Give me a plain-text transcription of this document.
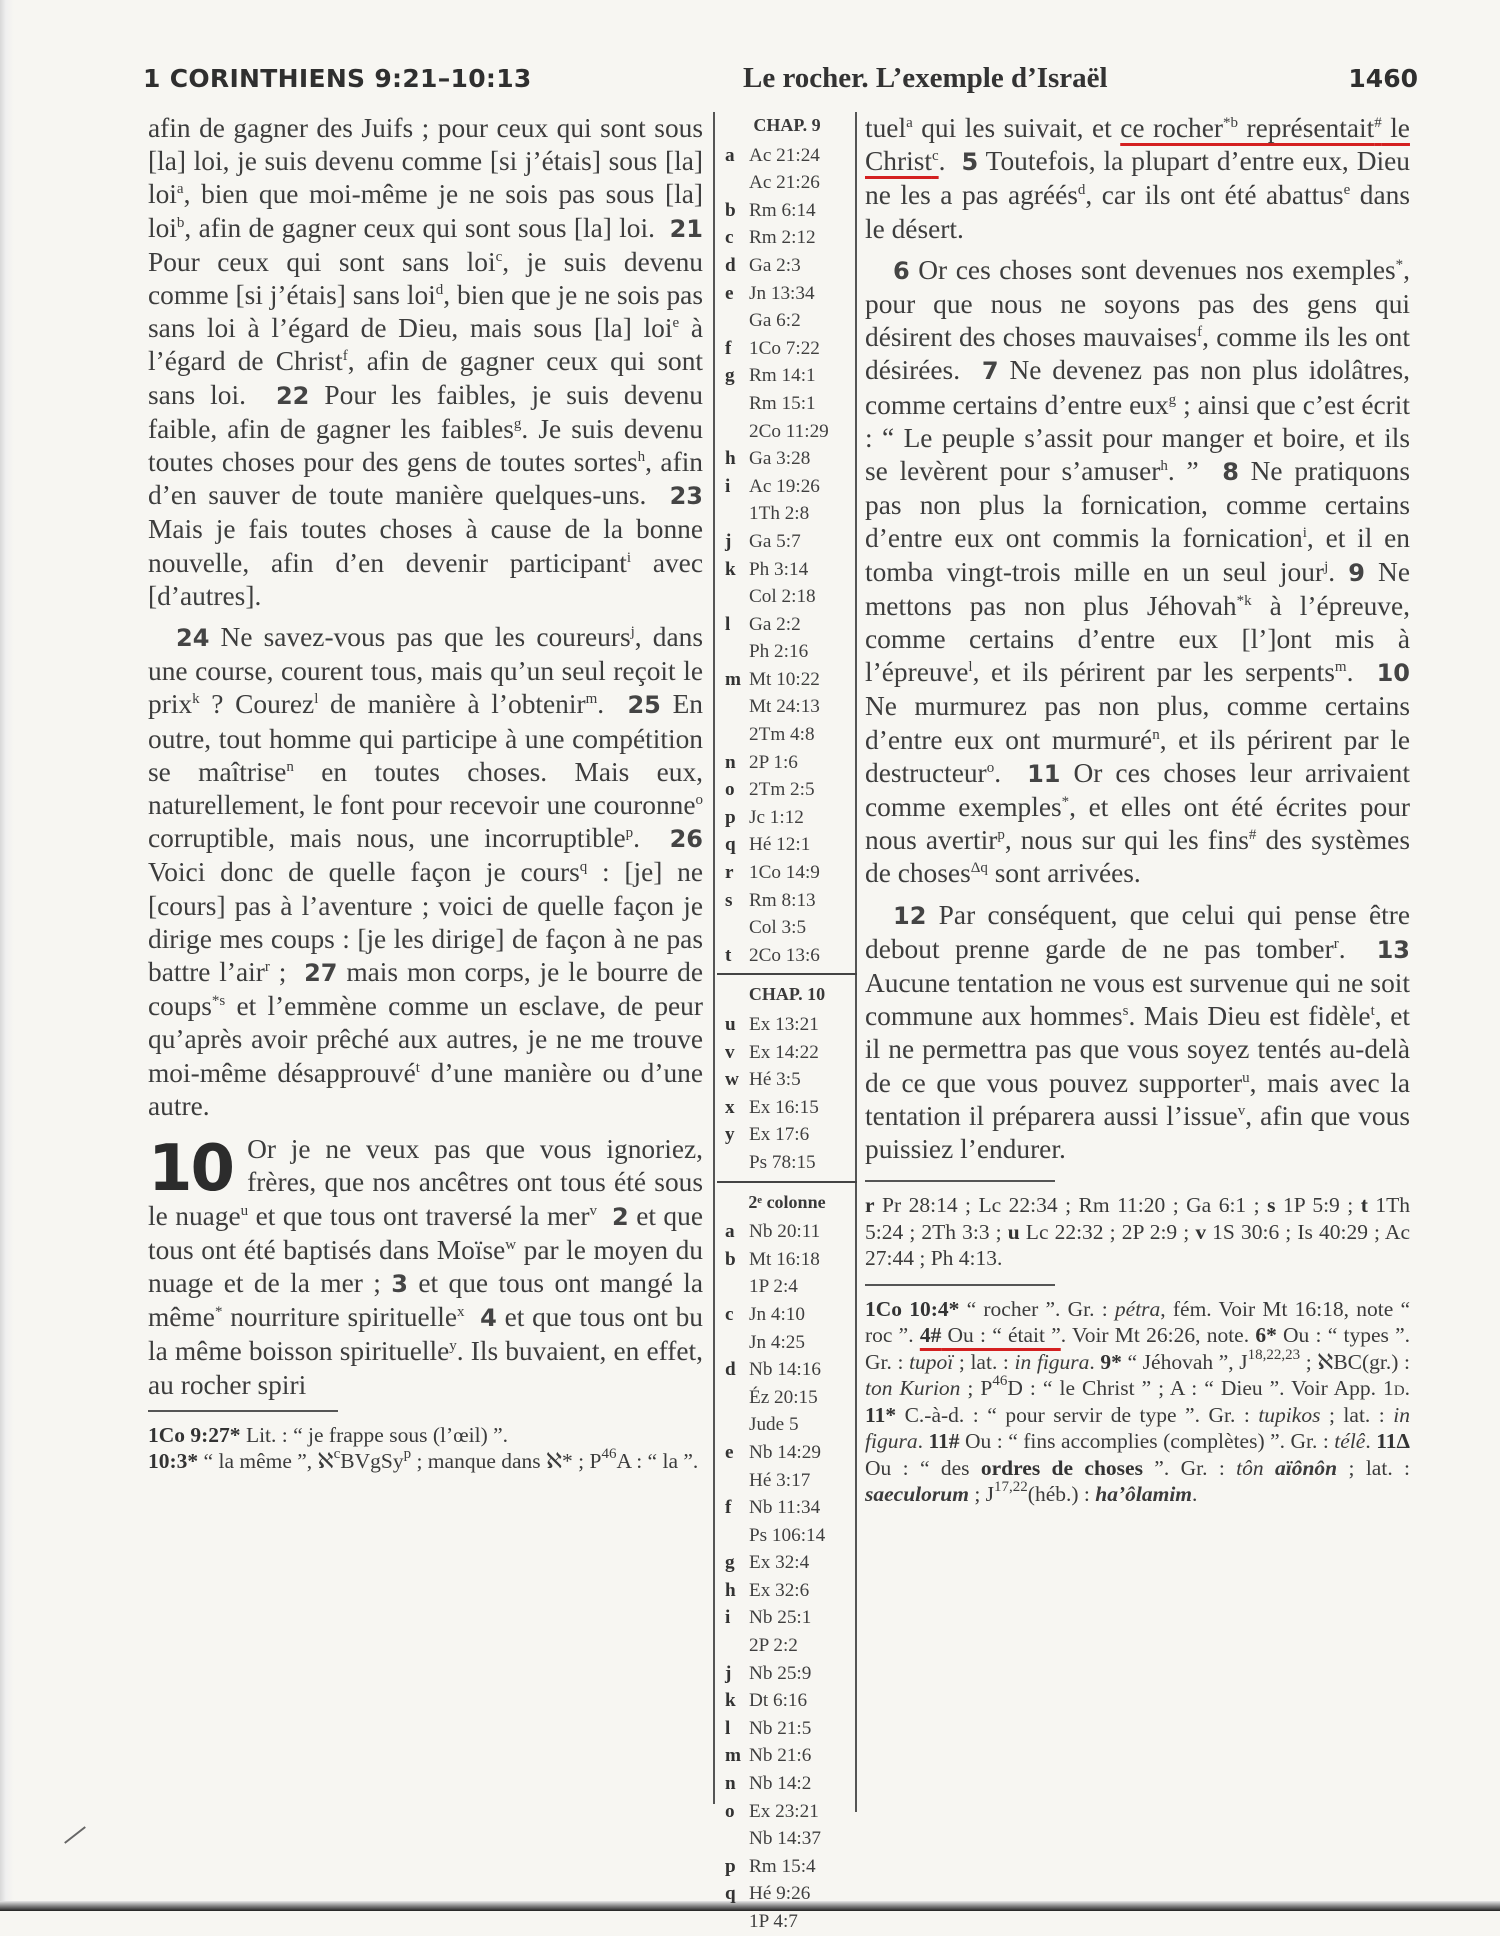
1 CORINTHIENS 9:21–10:13	Le rocher. L’exemple d’Israël	1460

afin de gagner des Juifs ; pour ceux qui sont sous [la] loi, je suis devenu comme [si j’étais] sous [la] loi$^a$, bien que moi-même je ne sois pas sous [la] loi$^b$, afin de gagner ceux qui sont sous [la] loi. 21 Pour ceux qui sont sans loi$^c$, je suis devenu comme [si j’étais] sans loi$^d$, bien que je ne sois pas sans loi à l’égard de Dieu, mais sous [la] loi$^e$ à l’égard de Christ$^f$, afin de gagner ceux qui sont sans loi. 22 Pour les faibles, je suis devenu faible, afin de gagner les faibles$^g$. Je suis devenu toutes choses pour des gens de toutes sortes$^h$, afin d’en sauver de toute manière quelques-uns. 23 Mais je fais toutes choses à cause de la bonne nouvelle, afin d’en devenir participant$^i$ avec [d’autres].

24 Ne savez-vous pas que les coureurs$^j$, dans une course, courent tous, mais qu’un seul reçoit le prix$^k$ ? Courez$^l$ de manière à l’obtenir$^m$. 25 En outre, tout homme qui participe à une compétition se maîtrise$^n$ en toutes choses. Mais eux, naturellement, le font pour recevoir une couronne$^o$ corruptible, mais nous, une incorruptible$^p$. 26 Voici donc de quelle façon je cours$^q$ : [je] ne [cours] pas à l’aventure ; voici de quelle façon je dirige mes coups : [je les dirige] de façon à ne pas battre l’air$^r$ ; 27 mais mon corps, je le bourre de coups$^{*s}$ et l’emmène comme un esclave, de peur qu’après avoir prêché aux autres, je ne me trouve moi-même désapprouvé$^t$ d’une manière ou d’une autre.

10 Or je ne veux pas que vous ignoriez, frères, que nos ancêtres ont tous été sous le nuage$^u$ et que tous ont traversé la mer$^v$ 2 et que tous ont été baptisés dans Moïse$^w$ par le moyen du nuage et de la mer ; 3 et que tous ont mangé la même* nourriture spirituelle$^x$ 4 et que tous ont bu la même boisson spirituelle$^y$. Ils buvaient, en effet, au rocher spiri

1Co 9:27* Lit. : “ je frappe sous (l’œil) ”.
10:3* “ la même ”, ℵ$^c$BVgSy$^p$ ; manque dans ℵ* ; $P^{46}A$ : “ la ”.
CHAP. 9
a Ac 21:24
Ac 21:26
b Rm 6:14
c Rm 2:12
d Ga 2:3
e Jn 13:34
Ga 6:2
f 1Co 7:22
g Rm 14:1
Rm 15:1
2Co 11:29
h Ga 3:28
i Ac 19:26
1Th 2:8
j Ga 5:7
k Ph 3:14
Col 2:18
l Ga 2:2
Ph 2:16
m Mt 10:22
Mt 24:13
2Tm 4:8
n 2P 1:6
o 2Tm 2:5
p Jc 1:12
q Hé 12:1
r 1Co 14:9
s Rm 8:13
Col 3:5
t 2Co 13:6
CHAP. 10
u Ex 13:21
v Ex 14:22
w Hé 3:5
x Ex 16:15
y Ex 17:6
Ps 78:15
2ᵉ colonne
a Nb 20:11
b Mt 16:18
1P 2:4
c Jn 4:10
Jn 4:25
d Nb 14:16
Éz 20:15
Jude 5
e Nb 14:29
Hé 3:17
f Nb 11:34
Ps 106:14
g Ex 32:4
h Ex 32:6
i Nb 25:1
2P 2:2
j Nb 25:9
k Dt 6:16
l Nb 21:5
m Nb 21:6
n Nb 14:2
o Ex 23:21
Nb 14:37
p Rm 15:4
q Hé 9:26
1P 4:7

tuel$^a$ qui les suivait, et ce rocher$^{*b}$ représentait# le Christ$^c$. 5 Toutefois, la plupart d’entre eux, Dieu ne les a pas agréés$^d$, car ils ont été abattus$^e$ dans le désert.

6 Or ces choses sont devenues nos exemples*, pour que nous ne soyons pas des gens qui désirent des choses mauvaises$^f$, comme ils les ont désirées. 7 Ne devenez pas non plus idolâtres, comme certains d’entre eux$^g$ ; ainsi que c’est écrit : “ Le peuple s’assit pour manger et boire, et ils se levèrent pour s’amuser$^h$. ” 8 Ne pratiquons pas non plus la fornication, comme certains d’entre eux ont commis la fornication$^i$, et il en tomba vingt-trois mille en un seul jour$^j$. 9 Ne mettons pas non plus Jéhovah$^{*k}$ à l’épreuve, comme certains d’entre eux [l’]ont mis à l’épreuve$^l$, et ils périrent par les serpents$^m$. 10 Ne murmurez pas non plus, comme certains d’entre eux ont murmuré$^n$, et ils périrent par le destructeur$^o$. 11 Or ces choses leur arrivaient comme exemples*, et elles ont été écrites pour nous avertir$^p$, nous sur qui les fins# des systèmes de choses$^{\Delta q}$ sont arrivées.

12 Par conséquent, que celui qui pense être debout prenne garde de ne pas tomber$^r$. 13 Aucune tentation ne vous est survenue qui ne soit commune aux hommes$^s$. Mais Dieu est fidèle$^t$, et il ne permettra pas que vous soyez tentés au-delà de ce que vous pouvez supporter$^u$, mais avec la tentation il préparera aussi l’issue$^v$, afin que vous puissiez l’endurer.

r Pr 28:14 ; Lc 22:34 ; Rm 11:20 ; Ga 6:1 ; s 1P 5:9 ; t 1Th 5:24 ; 2Th 3:3 ; u Lc 22:32 ; 2P 2:9 ; v 1S 30:6 ; Is 40:29 ; Ac 27:44 ; Ph 4:13.
1Co 10:4* “ rocher ”. Gr. : pétra, fém. Voir Mt 16:18, note “ roc ”. 4# Ou : “ était ”. Voir Mt 26:26, note. 6* Ou : “ types ”. Gr. : tupoï ; lat. : in figura. 9* “ Jéhovah ”, J$^{18,22,23}$ ; ℵBC(gr.) : ton Kurion ; $P^{46}D$ : “ le Christ ” ; A : “ Dieu ”. Voir App. 1d. 11* C.-à-d. : “ pour servir de type ”. Gr. : tupikos ; lat. : in figura. 11# Ou : “ fins accomplies (complètes) ”. Gr. : télê. 11Δ Ou : “ des ordres de choses ”. Gr. : tôn aïônôn ; lat. : saeculorum ; J$^{17,22}$(héb.) : ha’ôlamim.
